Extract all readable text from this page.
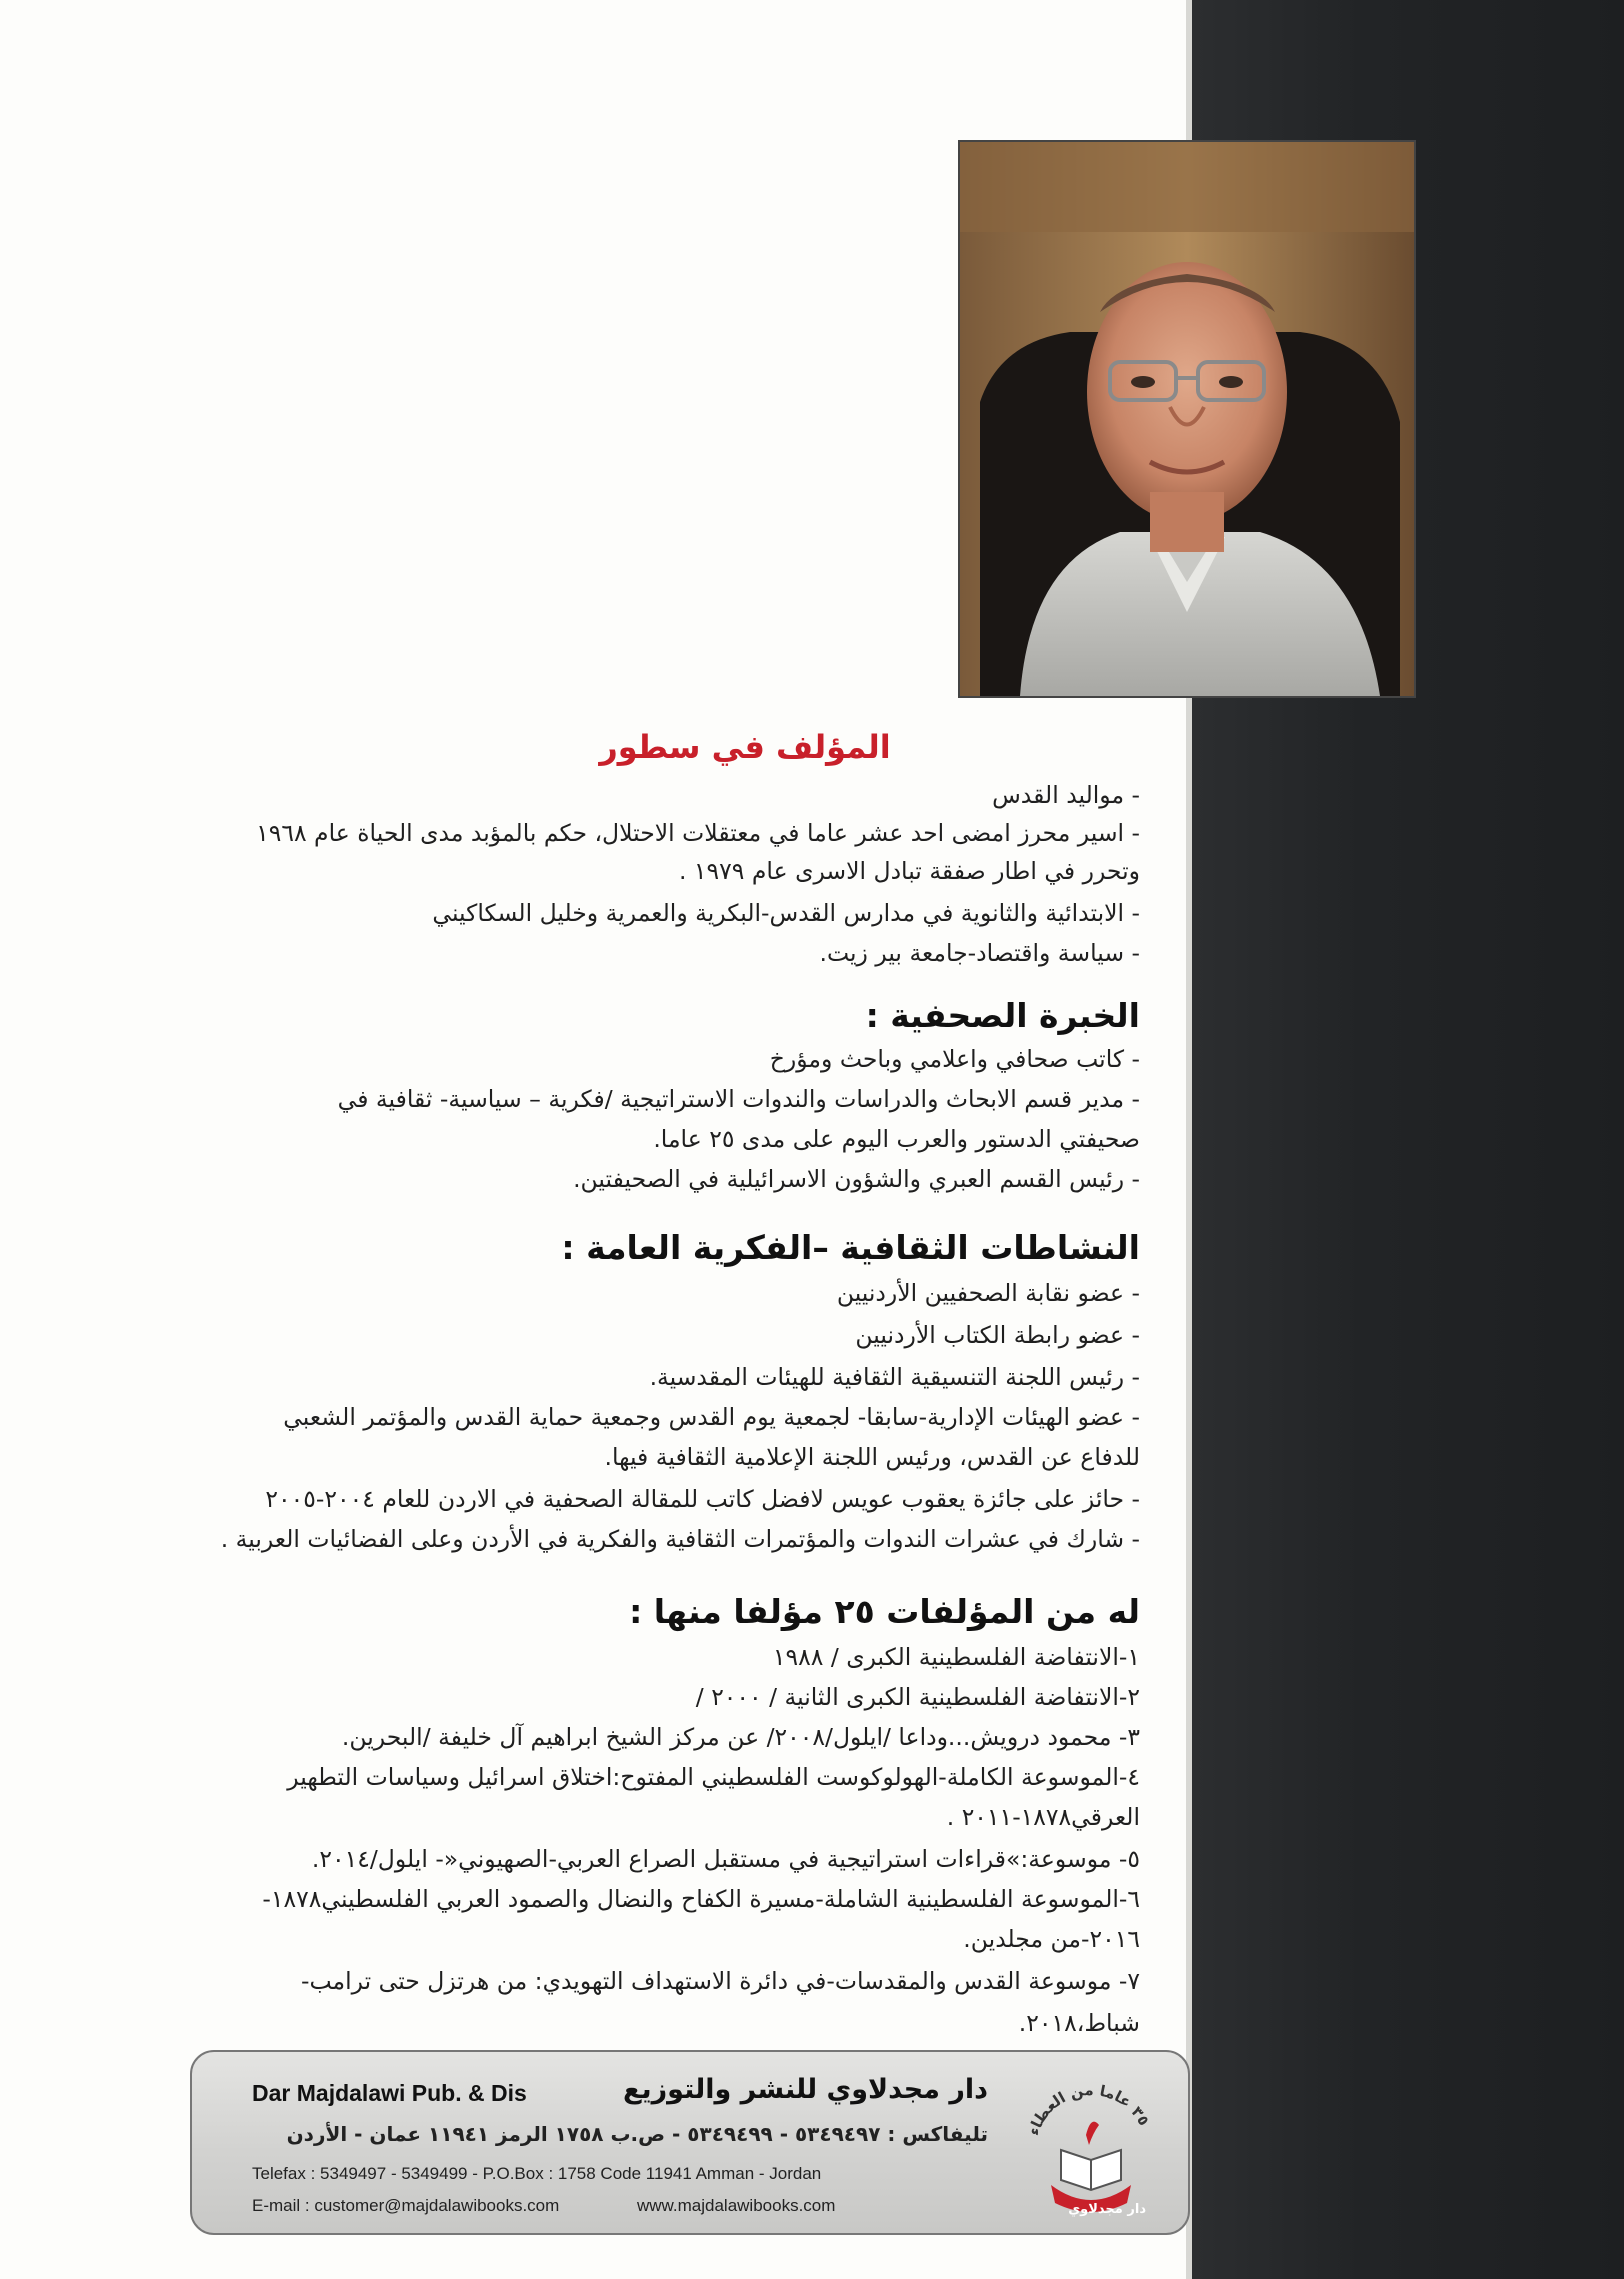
المؤلف في سطور
- مواليد القدس
- اسير محرز امضى احد عشر عاما في معتقلات الاحتلال، حكم بالمؤبد مدى الحياة عام ١٩٦٨
وتحرر في اطار صفقة تبادل الاسرى عام ١٩٧٩ .
- الابتدائية والثانوية في مدارس القدس-البكرية والعمرية وخليل السكاكيني
- سياسة واقتصاد-جامعة بير زيت.
الخبرة الصحفية :
- كاتب صحافي واعلامي وباحث ومؤرخ
- مدير قسم الابحاث والدراسات والندوات الاستراتيجية /فكرية – سياسية- ثقافية في
صحيفتي الدستور والعرب اليوم على مدى ٢٥ عاما.
- رئيس القسم العبري والشؤون الاسرائيلية في الصحيفتين.
النشاطات الثقافية –الفكرية العامة :
- عضو نقابة الصحفيين الأردنيين
- عضو رابطة الكتاب الأردنيين
- رئيس اللجنة التنسيقية الثقافية للهيئات المقدسية.
- عضو الهيئات الإدارية-سابقا- لجمعية يوم القدس وجمعية حماية القدس والمؤتمر الشعبي
للدفاع عن القدس، ورئيس اللجنة الإعلامية الثقافية فيها.
- حائز على جائزة يعقوب عويس لافضل كاتب للمقالة الصحفية في الاردن للعام ٢٠٠٤-٢٠٠٥
- شارك في عشرات الندوات والمؤتمرات الثقافية والفكرية في الأردن وعلى الفضائيات العربية .
له من المؤلفات ٢٥ مؤلفا منها :
١-الانتفاضة الفلسطينية الكبرى / ١٩٨٨
٢-الانتفاضة الفلسطينية الكبرى الثانية / ٢٠٠٠ /
٣- محمود درويش...وداعا /ايلول/٢٠٠٨/ عن مركز الشيخ ابراهيم آل خليفة /البحرين.
٤-الموسوعة الكاملة-الهولوكوست الفلسطيني المفتوح:اختلاق اسرائيل وسياسات التطهير
العرقي١٨٧٨-٢٠١١ .
٥- موسوعة:»قراءات استراتيجية في مستقبل الصراع العربي-الصهيوني«- ايلول/٢٠١٤.
٦-الموسوعة الفلسطينية الشاملة-مسيرة الكفاح والنضال والصمود العربي الفلسطيني١٨٧٨-
٢٠١٦-من مجلدين.
٧- موسوعة القدس والمقدسات-في دائرة الاستهداف التهويدي: من هرتزل حتى ترامب-
شباط،٢٠١٨.
Dar Majdalawi Pub. & Dis	دار مجدلاوي للنشر والتوزيع
تليفاكس : ٥٣٤٩٤٩٧ - ٥٣٤٩٤٩٩ - ص.ب ١٧٥٨ الرمز ١١٩٤١ عمان - الأردن
Telefax : 5349497 - 5349499 - P.O.Box : 1758 Code 11941 Amman - Jordan
E-mail : customer@majdalawibooks.com	www.majdalawibooks.com
٣٥ عاما من العطاء
دار مجدلاوي
